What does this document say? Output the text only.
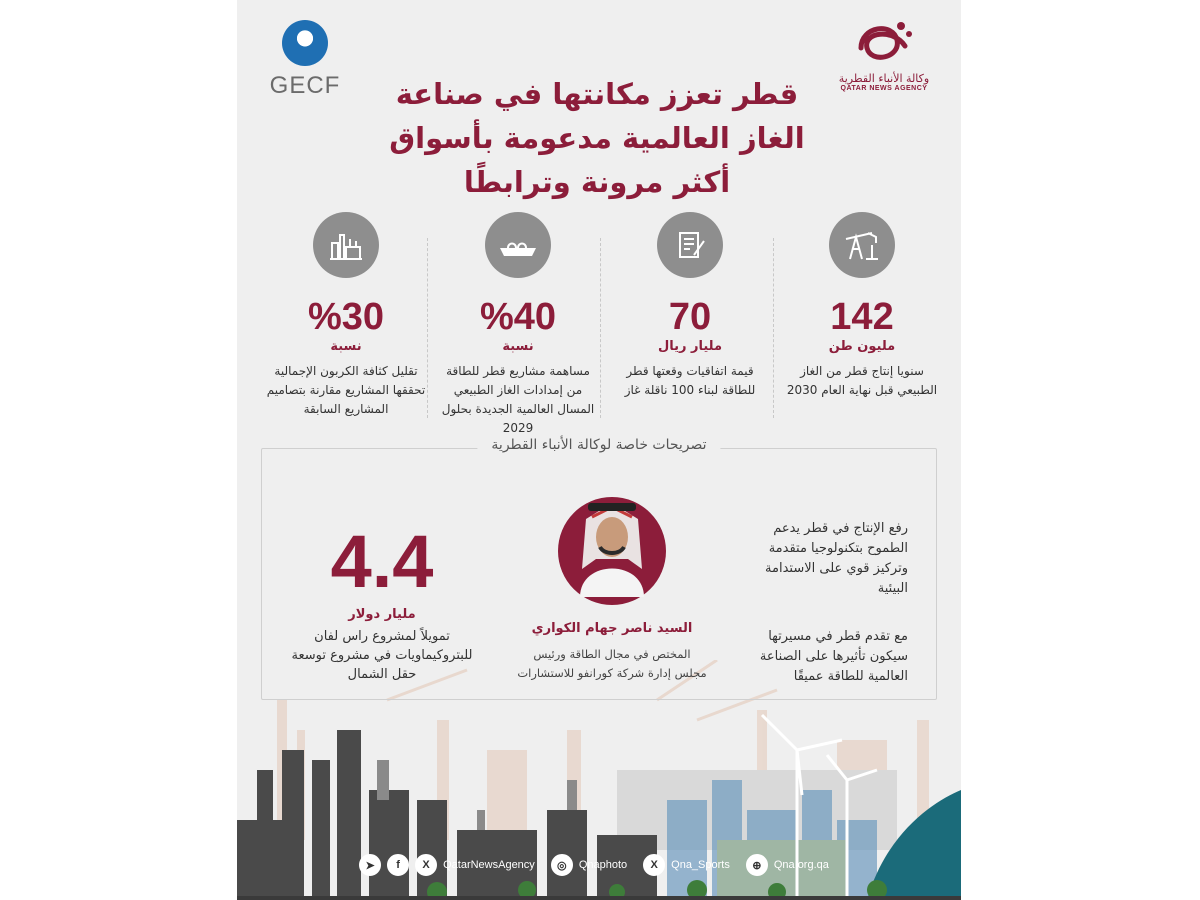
GECF	وكالة الأنباء القطرية
QATAR NEWS AGENCY
قطر تعزز مكانتها في صناعة
الغاز العالمية مدعومة بأسواق
أكثر مرونة وترابطًا
142
مليون طن
سنويا إنتاج قطر من الغاز الطبيعي قبل نهاية العام 2030
70
مليار ريال
قيمة اتفاقيات وقعتها قطر للطاقة لبناء 100 ناقلة غاز
%40
نسبة
مساهمة مشاريع قطر للطاقة من إمدادات الغاز الطبيعي المسال العالمية الجديدة بحلول 2029
%30
نسبة
تقليل كثافة الكربون الإجمالية تحققها المشاريع مقارنة بتصاميم المشاريع السابقة
تصريحات خاصة لوكالة الأنباء القطرية
رفع الإنتاج في قطر يدعم الطموح بتكنولوجيا متقدمة وتركيز قوي على الاستدامة البيئية
مع تقدم قطر في مسيرتها سيكون تأثيرها على الصناعة العالمية للطاقة عميقًا
السيد ناصر جهام الكواري
المختص في مجال الطاقة ورئيس
مجلس إدارة شركة كورانفو للاستشارات
4.4
مليار دولار
تمويلاً لمشروع راس لفان للبتروكيماويات في مشروع توسعة حقل الشمال
➤	f	X	QatarNewsAgency	◎	Qnaphoto	X	Qna_Sports	⊕	Qna.org.qa
